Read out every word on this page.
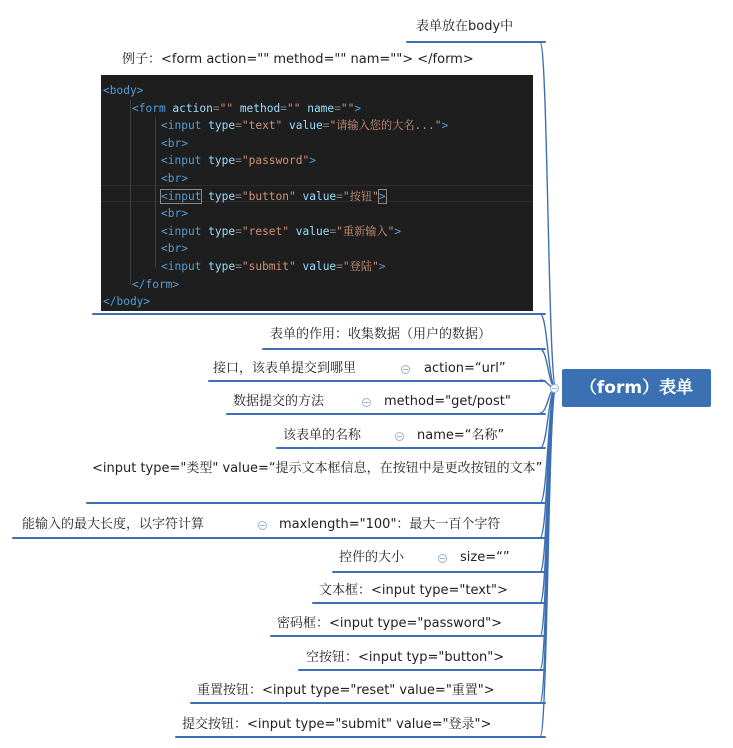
（form）表单
表单放在body中
例子：<form action="" method="" nam=""> </form>
<body>
<form action="" method="" name="">
<input type="text" value="请输入您的大名...">
<br>
<input type="password">
<br>
<input type="button" value="按钮">
<br>
<input type="reset" value="重新输入">
<br>
<input type="submit" value="登陆">
</form>
</body>
表单的作用：收集数据（用户的数据）
接口，该表单提交到哪里	action=“url”
数据提交的方法	method="get/post"
该表单的名称	name=“名称”
<input type="类型" value=“提示文本框信息，在按钮中是更改按钮的文本”
能输入的最大长度，以字符计算	maxlength="100"：最大一百个字符
控件的大小	size=“”
文本框：<input type="text">
密码框：<input type="password">
空按钮：<input typ="button">
重置按钮：<input type="reset" value="重置">
提交按钮：<input type="submit" value="登录">
